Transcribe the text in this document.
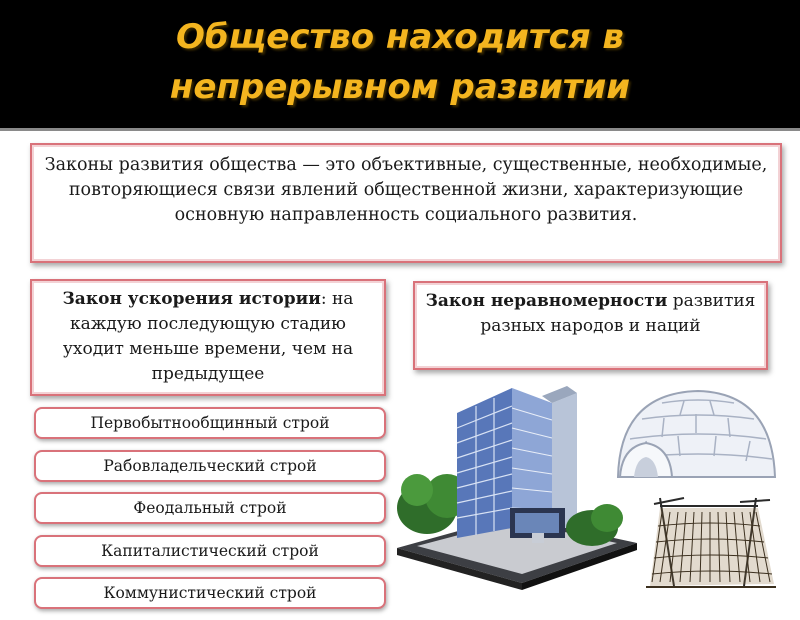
Общество находится в
непрерывном развитии
Законы развития общества — это объективные, существенные, необходимые, повторяющиеся связи явлений общественной жизни, характеризующие основную направленность социального развития.
Закон ускорения истории: на каждую последующую стадию уходит меньше времени, чем на предыдущее
Закон неравномерности развития разных народов и наций
Первобытнообщинный строй
Рабовладельческий строй
Феодальный строй
Капиталистический строй
Коммунистический строй
